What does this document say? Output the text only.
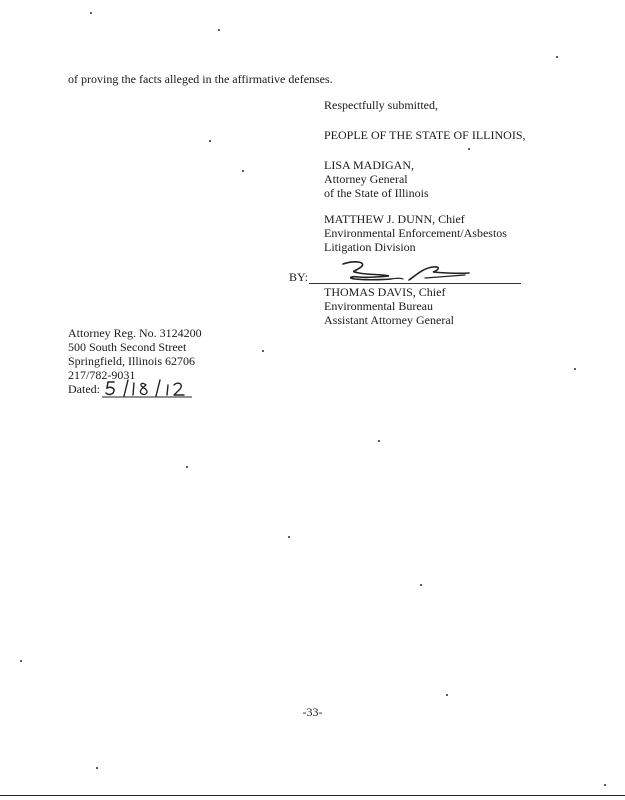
of proving the facts alleged in the affirmative defenses.
Respectfully submitted,
PEOPLE OF THE STATE OF ILLINOIS,
LISA MADIGAN,
Attorney General
of the State of Illinois
MATTHEW J. DUNN, Chief
Environmental Enforcement/Asbestos
Litigation Division
BY:
THOMAS DAVIS, Chief
Environmental Bureau
Assistant Attorney General
Attorney Reg. No. 3124200
500 South Second Street
Springfield, Illinois 62706
217/782-9031
Dated:
-33-
